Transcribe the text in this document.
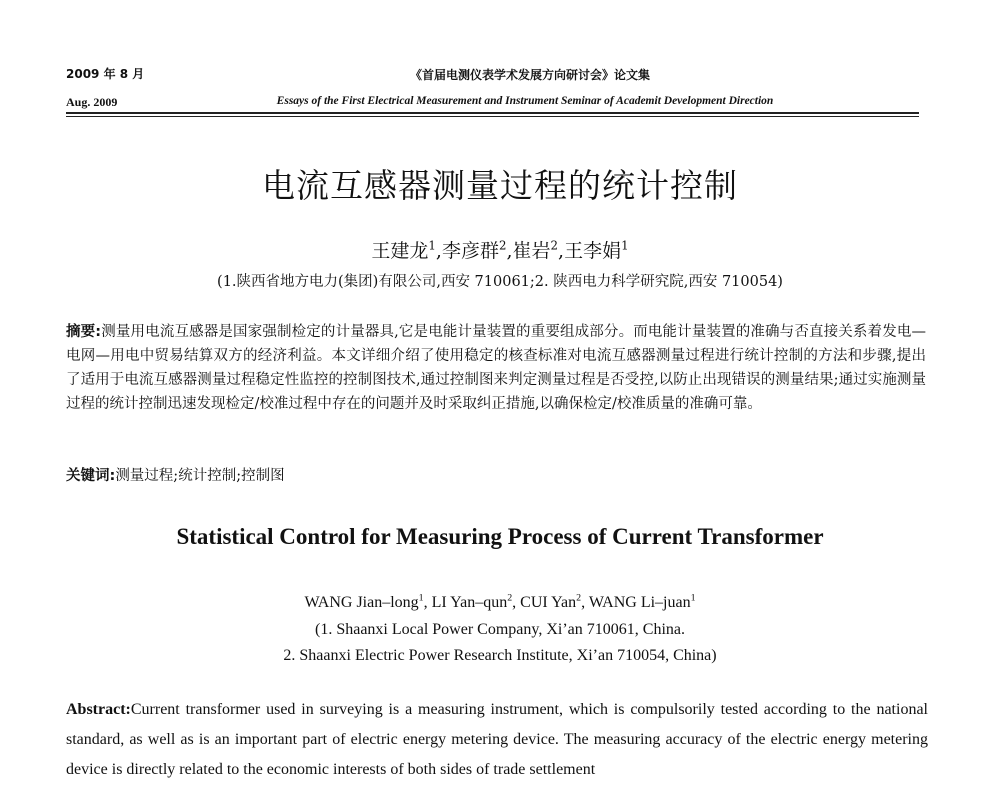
2009 年 8 月
Aug. 2009
《首届电测仪表学术发展方向研讨会》论文集
Essays of the First Electrical Measurement and Instrument Seminar of Academit Development Direction
电流互感器测量过程的统计控制
王建龙$^1$,李彦群$^2$,崔岩$^2$,王李娟$^1$
(1.陕西省地方电力(集团)有限公司,西安 710061;2. 陕西电力科学研究院,西安 710054)
摘要:测量用电流互感器是国家强制检定的计量器具,它是电能计量装置的重要组成部分。而电能计量装置的准确与否直接关系着发电—电网—用电中贸易结算双方的经济利益。本文详细介绍了使用稳定的核查标准对电流互感器测量过程进行统计控制的方法和步骤,提出了适用于电流互感器测量过程稳定性监控的控制图技术,通过控制图来判定测量过程是否受控,以防止出现错误的测量结果;通过实施测量过程的统计控制迅速发现检定/校准过程中存在的问题并及时采取纠正措施,以确保检定/校准质量的准确可靠。
关键词:测量过程;统计控制;控制图
Statistical Control for Measuring Process of Current Transformer
WANG Jian–long$^1$, LI Yan–qun$^2$, CUI Yan$^2$, WANG Li–juan$^1$
(1. Shaanxi Local Power Company, Xi’an 710061, China.
2. Shaanxi Electric Power Research Institute, Xi’an 710054, China)
Abstract:Current transformer used in surveying is a measuring instrument, which is compulsorily tested according to the national standard, as well as is an important part of electric energy metering device. The measuring accuracy of the electric energy metering device is directly related to the economic interests of both sides of trade settlement
